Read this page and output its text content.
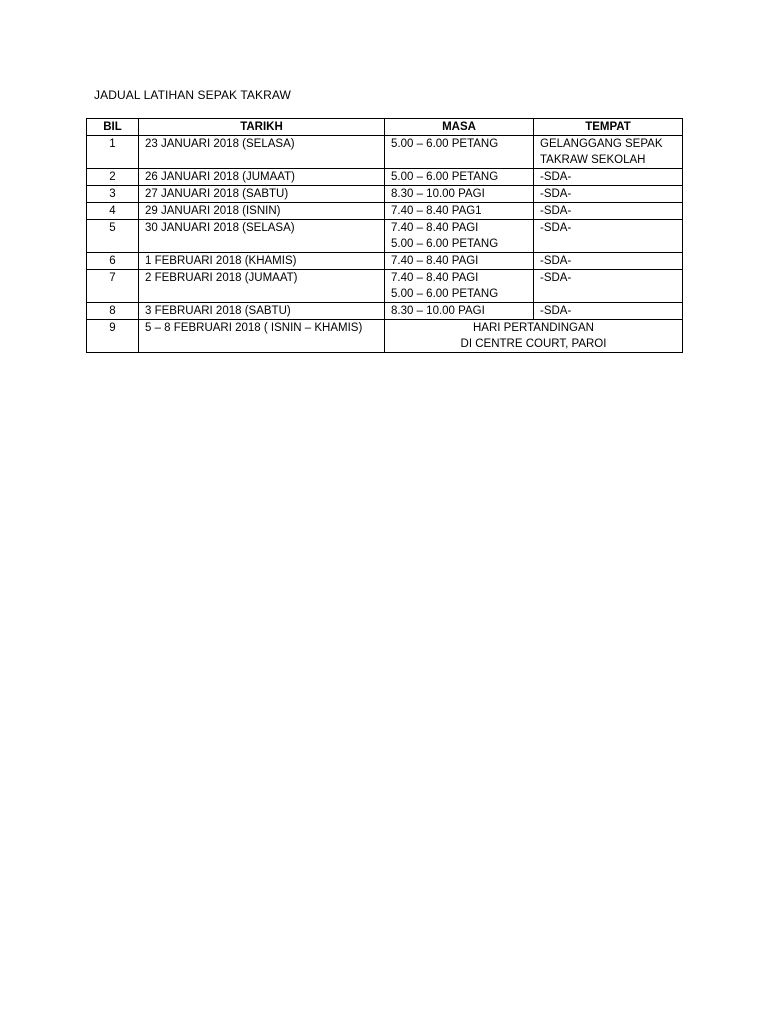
JADUAL LATIHAN SEPAK TAKRAW
BIL	TARIKH	MASA	TEMPAT
1	23 JANUARI 2018 (SELASA)	5.00 – 6.00 PETANG	GELANGGANG SEPAK
TAKRAW SEKOLAH

2	26 JANUARI 2018 (JUMAAT)	5.00 – 6.00 PETANG	-SDA-

3	27 JANUARI 2018 (SABTU)	8.30 – 10.00 PAGI	-SDA-

4	29 JANUARI 2018 (ISNIN)	7.40 – 8.40 PAG1	-SDA-

5	30 JANUARI 2018 (SELASA)	7.40 – 8.40 PAGI
5.00 – 6.00 PETANG	-SDA-

6	1 FEBRUARI 2018 (KHAMIS)	7.40 – 8.40 PAGI	-SDA-

7	2 FEBRUARI 2018 (JUMAAT)	7.40 – 8.40 PAGI
5.00 – 6.00 PETANG	-SDA-

8	3 FEBRUARI 2018 (SABTU)	8.30 – 10.00 PAGI	-SDA-

9	5 – 8 FEBRUARI 2018 ( ISNIN – KHAMIS)	HARI PERTANDINGAN
DI CENTRE COURT, PAROI	
